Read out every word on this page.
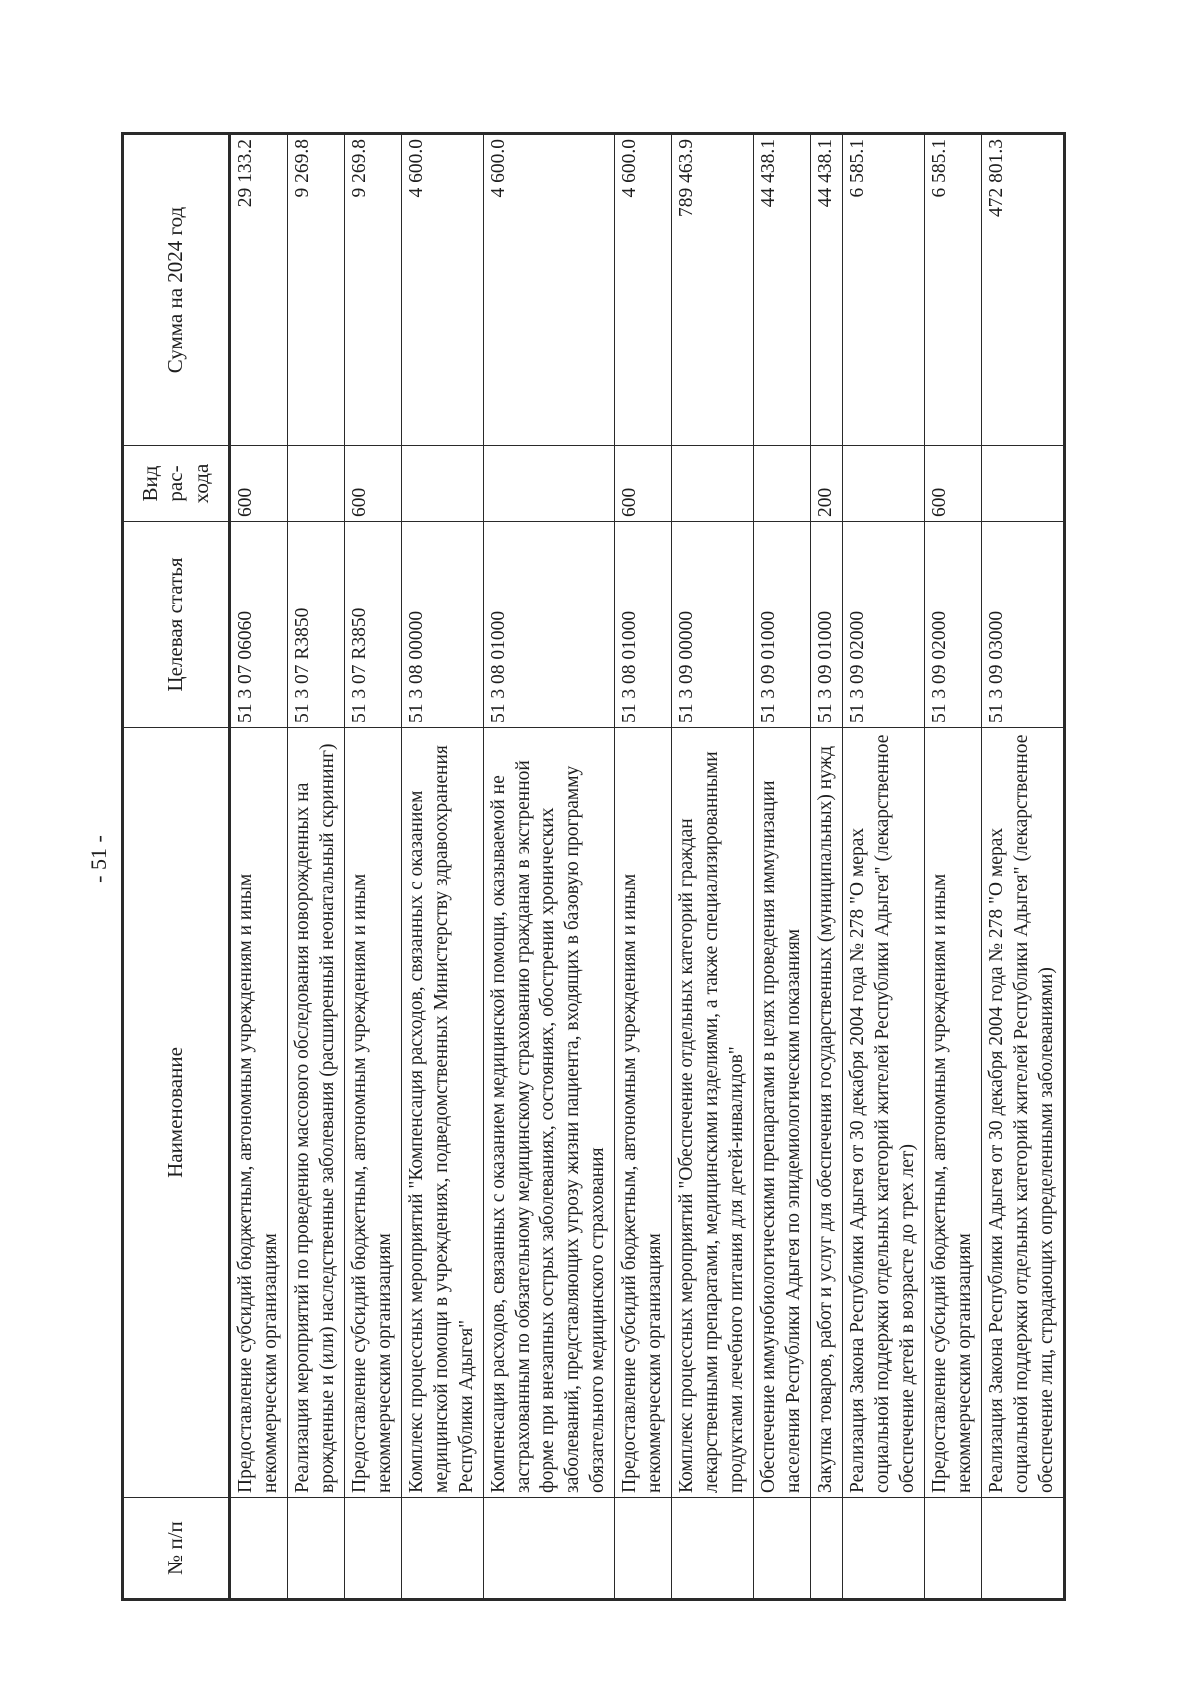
- 51 -
№ п/п	Наименование	Целевая статья	Вид рас-хода	Сумма на 2024 год
	Предоставление субсидий бюджетным, автономным учреждениям и иным некоммерческим организациям	51 3 07 06060	600	29 133.2
	Реализация мероприятий по проведению массового обследования новорожденных на врожденные и (или) наследственные заболевания (расширенный неонатальный скрининг)	51 3 07 R3850		9 269.8
	Предоставление субсидий бюджетным, автономным учреждениям и иным некоммерческим организациям	51 3 07 R3850	600	9 269.8
	Комплекс процессных мероприятий "Компенсация расходов, связанных с оказанием медицинской помощи в учреждениях, подведомственных Министерству здравоохранения Республики Адыгея"	51 3 08 00000		4 600.0
	Компенсация расходов, связанных с оказанием медицинской помощи, оказываемой не застрахованным по обязательному медицинскому страхованию гражданам в экстренной форме при внезапных острых заболеваниях, состояниях, обострении хронических заболеваний, представляющих угрозу жизни пациента, входящих в базовую программу обязательного медицинского страхования	51 3 08 01000		4 600.0
	Предоставление субсидий бюджетным, автономным учреждениям и иным некоммерческим организациям	51 3 08 01000	600	4 600.0
	Комплекс процессных мероприятий "Обеспечение отдельных категорий граждан лекарственными препаратами, медицинскими изделиями, а также специализированными продуктами лечебного питания для детей-инвалидов"	51 3 09 00000		789 463.9
	Обеспечение иммунобиологическими препаратами в целях проведения иммунизации населения Республики Адыгея по эпидемиологическим показаниям	51 3 09 01000		44 438.1
	Закупка товаров, работ и услуг для обеспечения государственных (муниципальных) нужд	51 3 09 01000	200	44 438.1
	Реализация Закона Республики Адыгея от 30 декабря 2004 года № 278 "О мерах социальной поддержки отдельных категорий жителей Республики Адыгея" (лекарственное обеспечение детей в возрасте до трех лет)	51 3 09 02000		6 585.1
	Предоставление субсидий бюджетным, автономным учреждениям и иным некоммерческим организациям	51 3 09 02000	600	6 585.1
	Реализация Закона Республики Адыгея от 30 декабря 2004 года № 278 "О мерах социальной поддержки отдельных категорий жителей Республики Адыгея" (лекарственное обеспечение лиц, страдающих определенными заболеваниями)	51 3 09 03000		472 801.3
